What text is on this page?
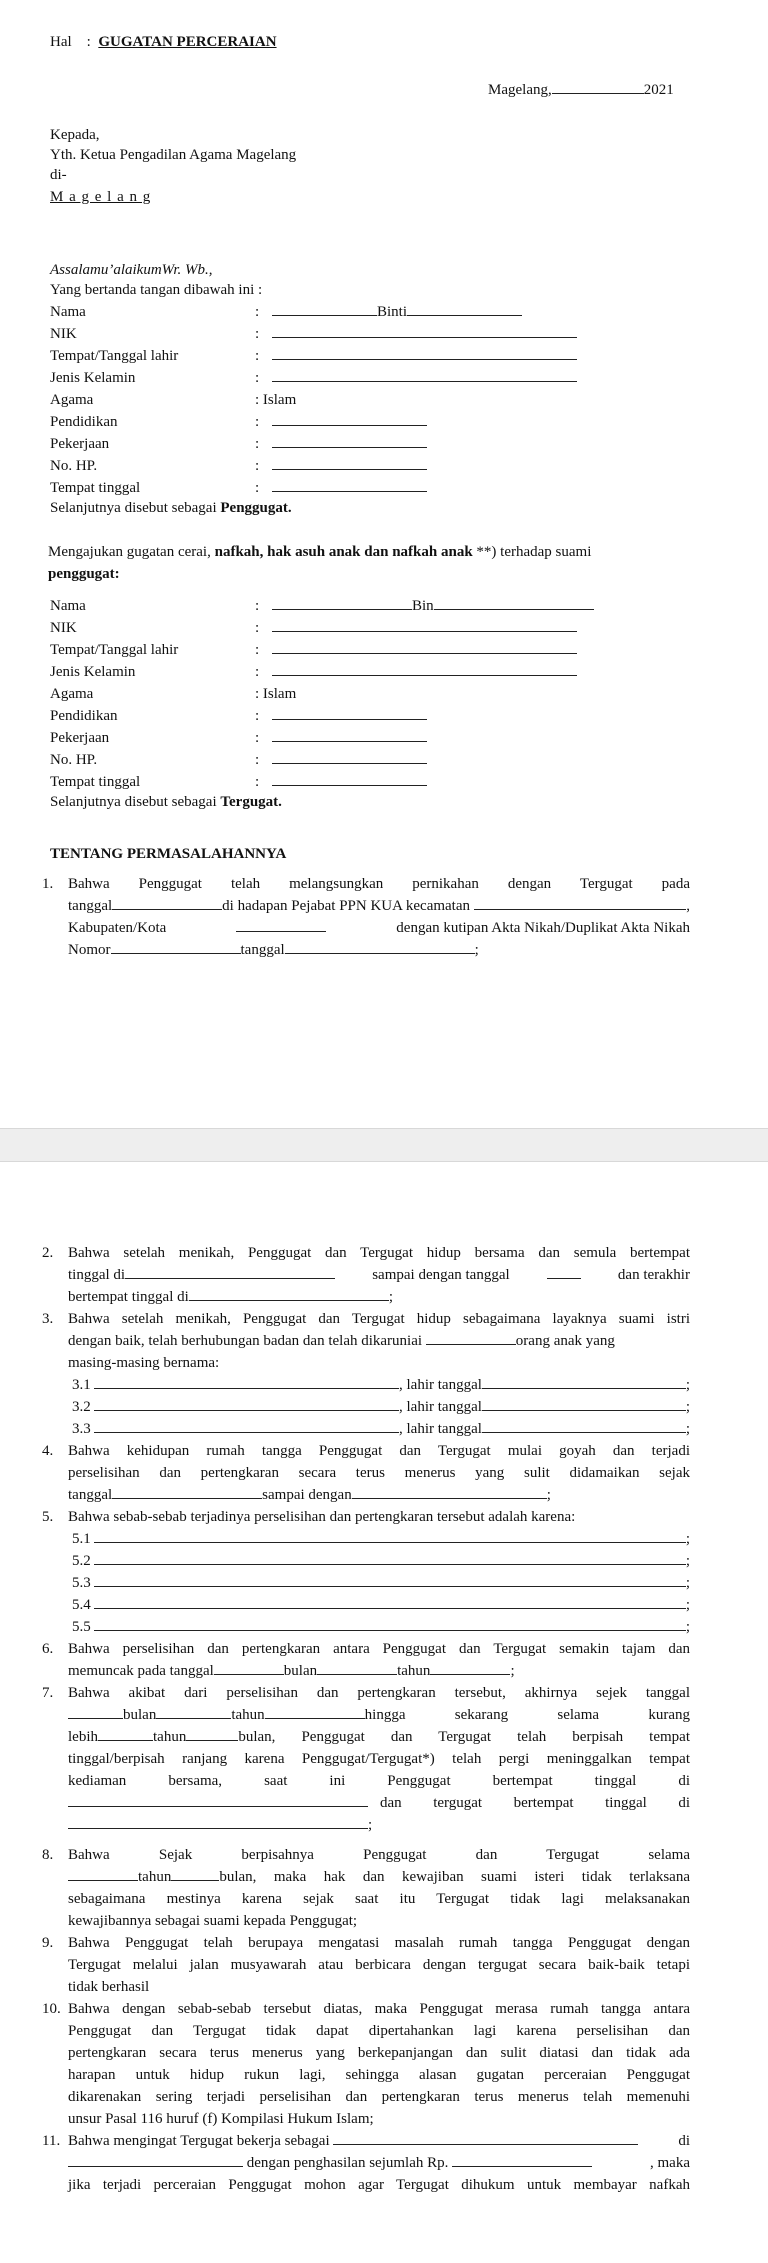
Hal : GUGATAN PERCERAIAN
Magelang,	2021
Kepada,
Yth. Ketua Pengadilan Agama Magelang
di-
M a g e l a n g
Assalamu’alaikumWr. Wb.,
Yang bertanda tangan dibawah ini :
Nama	:	Binti
NIK	:
Tempat/Tanggal lahir	:
Jenis Kelamin	:
Agama	: Islam
Pendidikan	:
Pekerjaan	:
No. HP.	:
Tempat tinggal	:
Selanjutnya disebut sebagai Penggugat.
Mengajukan gugatan cerai, nafkah, hak asuh anak dan nafkah anak **) terhadap suami
penggugat:
Nama	:	Bin
NIK	:
Tempat/Tanggal lahir	:
Jenis Kelamin	:
Agama	: Islam
Pendidikan	:
Pekerjaan	:
No. HP.	:
Tempat tinggal	:
Selanjutnya disebut sebagai Tergugat.
TENTANG PERMASALAHANNYA
1. Bahwa Penggugat telah melangsungkan pernikahan dengan Tergugat pada
tanggal	di hadapan Pejabat PPN KUA kecamatan
	,
Kabupaten/Kota	dengan kutipan Akta Nikah/Duplikat Akta Nikah
Nomor	tanggal	;
2. Bahwa setelah menikah, Penggugat dan Tergugat hidup bersama dan semula bertempat
tinggal di	sampai dengan tanggal	dan terakhir
bertempat tinggal di	;
3. Bahwa setelah menikah, Penggugat dan Tergugat hidup sebagaimana layaknya suami istri
dengan baik, telah berhubungan badan dan telah dikaruniai
	orang anak yang
masing-masing bernama:
3.1	, lahir tanggal	;
3.2	, lahir tanggal	;
3.3	, lahir tanggal	;
4. Bahwa kehidupan rumah tangga Penggugat dan Tergugat mulai goyah dan terjadi
perselisihan dan pertengkaran secara terus menerus yang sulit didamaikan sejak
tanggal	sampai dengan	;
5. Bahwa sebab-sebab terjadinya perselisihan dan pertengkaran tersebut adalah karena:
5.1	;
5.2	;
5.3	;
5.4	;
5.5	;
6. Bahwa perselisihan dan pertengkaran antara Penggugat dan Tergugat semakin tajam dan
memuncak pada tanggal	bulan	tahun	;
7. Bahwa akibat dari perselisihan dan pertengkaran tersebut, akhirnya sejek tanggal
bulan	tahun	hingga sekarang selama kurang
lebih	tahun	bulan, Penggugat dan Tergugat telah berpisah tempat
tinggal/berpisah ranjang karena Penggugat/Tergugat*) telah pergi meninggalkan tempat
kediaman bersama, saat ini Penggugat bertempat tinggal di
dan tergugat bertempat tinggal di
;
8. Bahwa Sejak berpisahnya Penggugat dan Tergugat selama
tahun	bulan, maka hak dan kewajiban suami isteri tidak terlaksana
sebagaimana mestinya karena sejak saat itu Tergugat tidak lagi melaksanakan
kewajibannya sebagai suami kepada Penggugat;
9. Bahwa Penggugat telah berupaya mengatasi masalah rumah tangga Penggugat dengan
Tergugat melalui jalan musyawarah atau berbicara dengan tergugat secara baik-baik tetapi
tidak berhasil
10. Bahwa dengan sebab-sebab tersebut diatas, maka Penggugat merasa rumah tangga antara
Penggugat dan Tergugat tidak dapat dipertahankan lagi karena perselisihan dan
pertengkaran secara terus menerus yang berkepanjangan dan sulit diatasi dan tidak ada
harapan untuk hidup rukun lagi, sehingga alasan gugatan perceraian Penggugat
dikarenakan sering terjadi perselisihan dan pertengkaran terus menerus telah memenuhi
unsur Pasal 116 huruf (f) Kompilasi Hukum Islam;
11. Bahwa mengingat Tergugat bekerja sebagai
	di

dengan penghasilan sejumlah Rp.
	, maka
jika terjadi perceraian Penggugat mohon agar Tergugat dihukum untuk membayar nafkah
